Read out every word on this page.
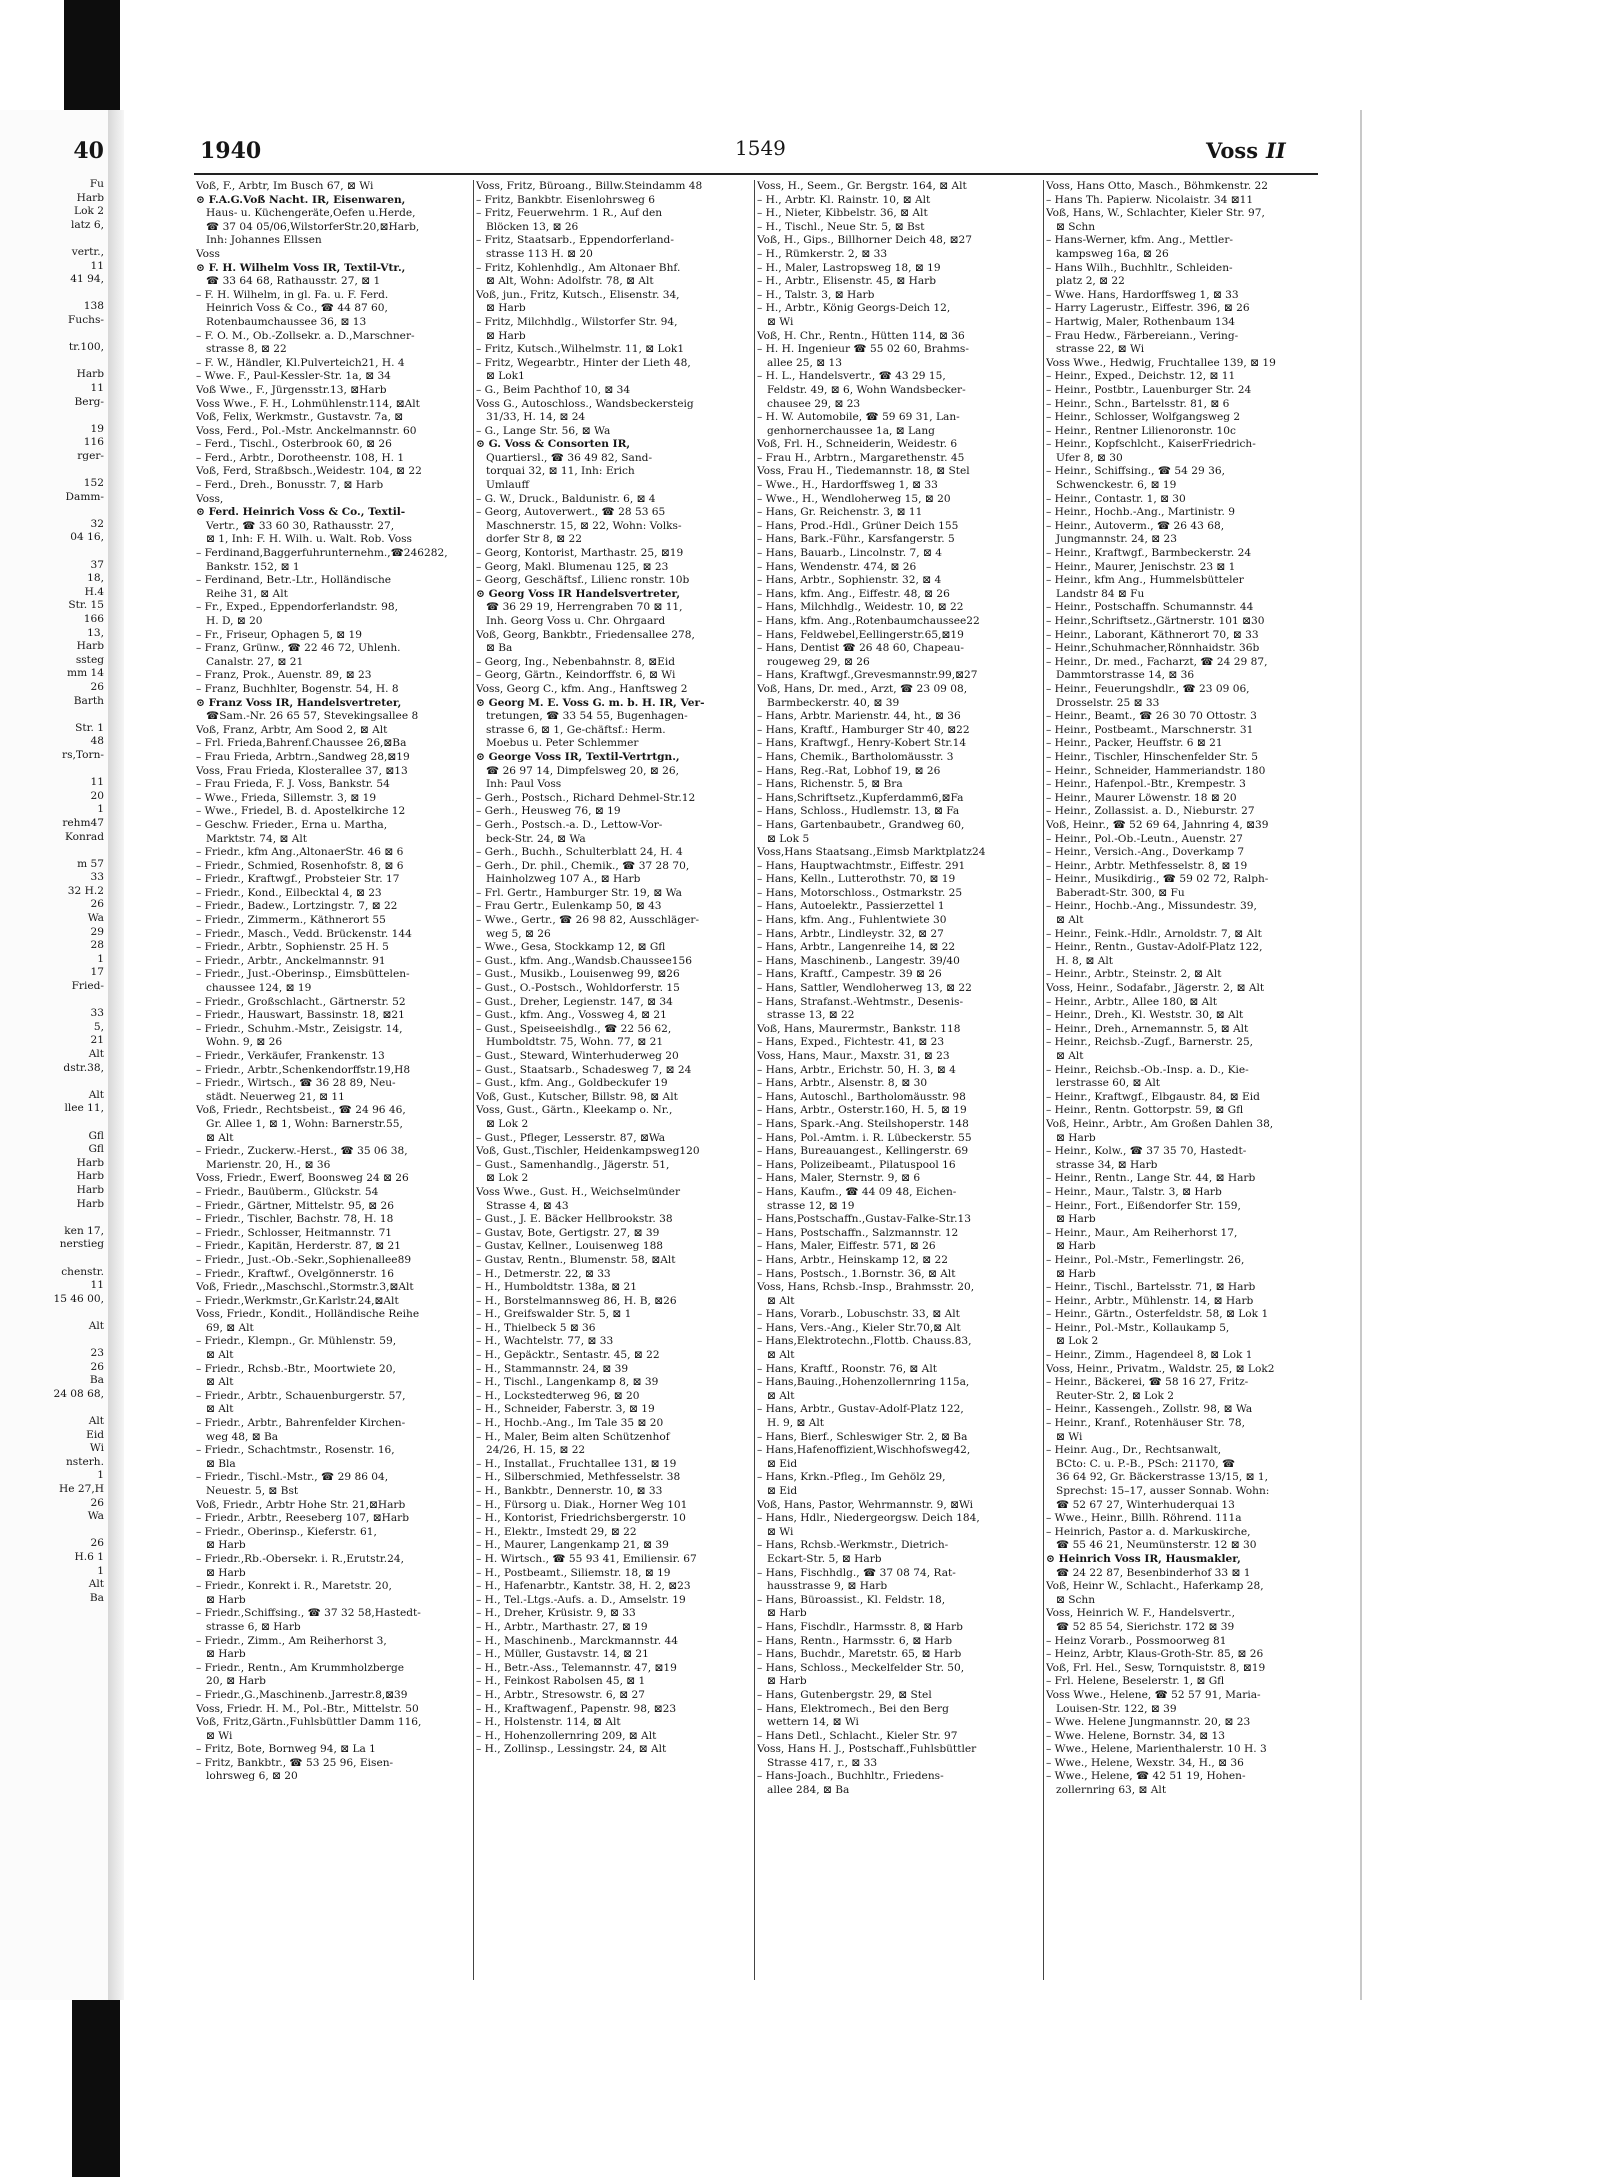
40
Fu
Harb
Lok 2
latz 6,

vertr.,
11
41 94,

138
Fuchs-

tr.100,

Harb
11
Berg-

19
116
rger-

152
Damm-

32
04 16,

37
18,
H.4
Str. 15
166
13,
Harb
ssteg
mm 14
26
Barth

Str. 1
48
rs,Torn-

11
20
1
rehm47
Konrad

m 57
33
32 H.2
26
Wa
29
28
1
17
Fried-

33
5,
21
Alt
dstr.38,

Alt
llee 11,

Gfl
Gfl
Harb
Harb
Harb
Harb

ken 17,
nerstieg

chenstr.
11
15 46 00,

Alt

23
26
Ba
24 08 68,

Alt
Eid
Wi
nsterh.
1
He 27,H
26
Wa

26
H.6 1
1
Alt
Ba
1940	1549	Voss II
Voß, F., Arbtr, Im Busch 67, ⊠ Wi
⊙ F.A.G.Voß Nacht. IR, Eisenwaren,
Haus- u. Küchengeräte,Oefen u.Herde,
☎ 37 04 05/06,WilstorferStr.20,⊠Harb,
Inh: Johannes Ellssen
Voss
⊙ F. H. Wilhelm Voss IR, Textil-Vtr.,
☎ 33 64 68, Rathausstr. 27, ⊠ 1
– F. H. Wilhelm, in gl. Fa. u. F. Ferd.
Heinrich Voss & Co., ☎ 44 87 60,
Rotenbaumchaussee 36, ⊠ 13
– F. O. M., Ob.-Zollsekr. a. D.,Marschner-
strasse 8, ⊠ 22
– F. W., Händler, Kl.Pulverteich21, H. 4
– Wwe. F., Paul-Kessler-Str. 1a, ⊠ 34
Voß Wwe., F., Jürgensstr.13, ⊠Harb
Voss Wwe., F. H., Lohmühlenstr.114, ⊠Alt
Voß, Felix, Werkmstr., Gustavstr. 7a, ⊠
Voss, Ferd., Pol.-Mstr. Anckelmannstr. 60
– Ferd., Tischl., Osterbrook 60, ⊠ 26
– Ferd., Arbtr., Dorotheenstr. 108, H. 1
Voß, Ferd, Straßbsch.,Weidestr. 104, ⊠ 22
– Ferd., Dreh., Bonusstr. 7, ⊠ Harb
Voss,
⊙ Ferd. Heinrich Voss & Co., Textil-
Vertr., ☎ 33 60 30, Rathausstr. 27,
⊠ 1, Inh: F. H. Wilh. u. Walt. Rob. Voss
– Ferdinand,Baggerfuhrunternehm.,☎246282,
Bankstr. 152, ⊠ 1
– Ferdinand, Betr.-Ltr., Holländische
Reihe 31, ⊠ Alt
– Fr., Exped., Eppendorferlandstr. 98,
H. D, ⊠ 20
– Fr., Friseur, Ophagen 5, ⊠ 19
– Franz, Grünw., ☎ 22 46 72, Uhlenh.
Canalstr. 27, ⊠ 21
– Franz, Prok., Auenstr. 89, ⊠ 23
– Franz, Buchhlter, Bogenstr. 54, H. 8
⊙ Franz Voss IR, Handelsvertreter,
☎Sam.-Nr. 26 65 57, Stevekingsallee 8
Voß, Franz, Arbtr, Am Sood 2, ⊠ Alt
– Frl. Frieda,Bahrenf.Chaussee 26,⊠Ba
– Frau Frieda, Arbtrn.,Sandweg 28,⊠19
Voss, Frau Frieda, Klosterallee 37, ⊠13
– Frau Frieda, F. J. Voss, Bankstr. 54
– Wwe., Frieda, Sillemstr. 3, ⊠ 19
– Wwe., Friedel, B. d. Apostelkirche 12
– Geschw. Frieder., Erna u. Martha,
Marktstr. 74, ⊠ Alt
– Friedr., kfm Ang.,AltonaerStr. 46 ⊠ 6
– Friedr., Schmied, Rosenhofstr. 8, ⊠ 6
– Friedr., Kraftwgf., Probsteier Str. 17
– Friedr., Kond., Eilbecktal 4, ⊠ 23
– Friedr., Badew., Lortzingstr. 7, ⊠ 22
– Friedr., Zimmerm., Käthnerort 55
– Friedr., Masch., Vedd. Brückenstr. 144
– Friedr., Arbtr., Sophienstr. 25 H. 5
– Friedr., Arbtr., Anckelmannstr. 91
– Friedr., Just.-Oberinsp., Eimsbüttelen-
chaussee 124, ⊠ 19
– Friedr., Großschlacht., Gärtnerstr. 52
– Friedr., Hauswart, Bassinstr. 18, ⊠21
– Friedr., Schuhm.-Mstr., Zeisigstr. 14,
Wohn. 9, ⊠ 26
– Friedr., Verkäufer, Frankenstr. 13
– Friedr., Arbtr.,Schenkendorffstr.19,H8
– Friedr., Wirtsch., ☎ 36 28 89, Neu-
städt. Neuerweg 21, ⊠ 11
Voß, Friedr., Rechtsbeist., ☎ 24 96 46,
Gr. Allee 1, ⊠ 1, Wohn: Barnerstr.55,
⊠ Alt
– Friedr., Zuckerw.-Herst., ☎ 35 06 38,
Marienstr. 20, H., ⊠ 36
Voss, Friedr., Ewerf, Boonsweg 24 ⊠ 26
– Friedr., Bauüberm., Glückstr. 54
– Friedr., Gärtner, Mittelstr. 95, ⊠ 26
– Friedr., Tischler, Bachstr. 78, H. 18
– Friedr., Schlosser, Heitmannstr. 71
– Friedr., Kapitän, Herderstr. 87, ⊠ 21
– Friedr., Just.-Ob.-Sekr.,Sophienallee89
– Friedr., Kraftwf., Ovelgönnerstr. 16
Voß, Friedr.,,Maschschl.,Stormstr.3,⊠Alt
– Friedr.,Werkmstr.,Gr.Karlstr.24,⊠Alt
Voss, Friedr., Kondit., Holländische Reihe
69, ⊠ Alt
– Friedr., Klempn., Gr. Mühlenstr. 59,
⊠ Alt
– Friedr., Rchsb.-Btr., Moortwiete 20,
⊠ Alt
– Friedr., Arbtr., Schauenburgerstr. 57,
⊠ Alt
– Friedr., Arbtr., Bahrenfelder Kirchen-
weg 48, ⊠ Ba
– Friedr., Schachtmstr., Rosenstr. 16,
⊠ Bla
– Friedr., Tischl.-Mstr., ☎ 29 86 04,
Neuestr. 5, ⊠ Bst
Voß, Friedr., Arbtr Hohe Str. 21,⊠Harb
– Friedr., Arbtr., Reeseberg 107, ⊠Harb
– Friedr., Oberinsp., Kieferstr. 61,
⊠ Harb
– Friedr.,Rb.-Obersekr. i. R.,Erutstr.24,
⊠ Harb
– Friedr., Konrekt i. R., Maretstr. 20,
⊠ Harb
– Friedr.,Schiffsing., ☎ 37 32 58,Hastedt-
strasse 6, ⊠ Harb
– Friedr., Zimm., Am Reiherhorst 3,
⊠ Harb
– Friedr., Rentn., Am Krummholzberge
20, ⊠ Harb
– Friedr.,G.,Maschinenb.,Jarrestr.8,⊠39
Voss, Friedr. H. M., Pol.-Btr., Mittelstr. 50
Voß, Fritz,Gärtn.,Fuhlsbüttler Damm 116,
⊠ Wi
– Fritz, Bote, Bornweg 94, ⊠ La 1
– Fritz, Bankbtr., ☎ 53 25 96, Eisen-
lohrsweg 6, ⊠ 20
Voss, Fritz, Büroang., Billw.Steindamm 48
– Fritz, Bankbtr. Eisenlohrsweg 6
– Fritz, Feuerwehrm. 1 R., Auf den
Blöcken 13, ⊠ 26
– Fritz, Staatsarb., Eppendorferland-
strasse 113 H. ⊠ 20
– Fritz, Kohlenhdlg., Am Altonaer Bhf.
⊠ Alt, Wohn: Adolfstr. 78, ⊠ Alt
Voß, jun., Fritz, Kutsch., Elisenstr. 34,
⊠ Harb
– Fritz, Milchhdlg., Wilstorfer Str. 94,
⊠ Harb
– Fritz, Kutsch.,Wilhelmstr. 11, ⊠ Lok1
– Fritz, Wegearbtr., Hinter der Lieth 48,
⊠ Lok1
– G., Beim Pachthof 10, ⊠ 34
Voss G., Autoschloss., Wandsbeckersteig
31/33, H. 14, ⊠ 24
– G., Lange Str. 56, ⊠ Wa
⊙ G. Voss & Consorten IR,
Quartiersl., ☎ 36 49 82, Sand-
torquai 32, ⊠ 11, Inh: Erich
Umlauff
– G. W., Druck., Baldunistr. 6, ⊠ 4
– Georg, Autoverwert., ☎ 28 53 65
Maschnerstr. 15, ⊠ 22, Wohn: Volks-
dorfer Str 8, ⊠ 22
– Georg, Kontorist, Marthastr. 25, ⊠19
– Georg, Makl. Blumenau 125, ⊠ 23
– Georg, Geschäftsf., Lilienc ronstr. 10b
⊙ Georg Voss IR Handelsvertreter,
☎ 36 29 19, Herrengraben 70 ⊠ 11,
Inh. Georg Voss u. Chr. Ohrgaard
Voß, Georg, Bankbtr., Friedensallee 278,
⊠ Ba
– Georg, Ing., Nebenbahnstr. 8, ⊠Eid
– Georg, Gärtn., Keindorffstr. 6, ⊠ Wi
Voss, Georg C., kfm. Ang., Hanftsweg 2
⊙ Georg M. E. Voss G. m. b. H. IR, Ver-
tretungen, ☎ 33 54 55, Bugenhagen-
strasse 6, ⊠ 1, Ge-chäftsf.: Herm.
Moebus u. Peter Schlemmer
⊙ George Voss IR, Textil-Vertrtgn.,
☎ 26 97 14, Dimpfelsweg 20, ⊠ 26,
Inh: Paul Voss
– Gerh., Postsch., Richard Dehmel-Str.12
– Gerh., Heusweg 76, ⊠ 19
– Gerh., Postsch.-a. D., Lettow-Vor-
beck-Str. 24, ⊠ Wa
– Gerh., Buchh., Schulterblatt 24, H. 4
– Gerh., Dr. phil., Chemik., ☎ 37 28 70,
Hainholzweg 107 A., ⊠ Harb
– Frl. Gertr., Hamburger Str. 19, ⊠ Wa
– Frau Gertr., Eulenkamp 50, ⊠ 43
– Wwe., Gertr., ☎ 26 98 82, Ausschläger-
weg 5, ⊠ 26
– Wwe., Gesa, Stockkamp 12, ⊠ Gfl
– Gust., kfm. Ang.,Wandsb.Chaussee156
– Gust., Musikb., Louisenweg 99, ⊠26
– Gust., O.-Postsch., Wohldorferstr. 15
– Gust., Dreher, Legienstr. 147, ⊠ 34
– Gust., kfm. Ang., Vossweg 4, ⊠ 21
– Gust., Speiseeishdlg., ☎ 22 56 62,
Humboldtstr. 75, Wohn. 77, ⊠ 21
– Gust., Steward, Winterhuderweg 20
– Gust., Staatsarb., Schadesweg 7, ⊠ 24
– Gust., kfm. Ang., Goldbeckufer 19
Voß, Gust., Kutscher, Billstr. 98, ⊠ Alt
Voss, Gust., Gärtn., Kleekamp o. Nr.,
⊠ Lok 2
– Gust., Pfleger, Lesserstr. 87, ⊠Wa
Voß, Gust.,Tischler, Heidenkampsweg120
– Gust., Samenhandlg., Jägerstr. 51,
⊠ Lok 2
Voss Wwe., Gust. H., Weichselmünder
Strasse 4, ⊠ 43
– Gust., J. E. Bäcker Hellbrookstr. 38
– Gustav, Bote, Gertigstr. 27, ⊠ 39
– Gustav, Kellner., Louisenweg 188
– Gustav, Rentn., Blumenstr. 58, ⊠Alt
– H., Detmerstr. 22, ⊠ 33
– H., Humboldtstr. 138a, ⊠ 21
– H., Borstelmannsweg 86, H. B, ⊠26
– H., Greifswalder Str. 5, ⊠ 1
– H., Thielbeck 5 ⊠ 36
– H., Wachtelstr. 77, ⊠ 33
– H., Gepäcktr., Sentastr. 45, ⊠ 22
– H., Stammannstr. 24, ⊠ 39
– H., Tischl., Langenkamp 8, ⊠ 39
– H., Lockstedterweg 96, ⊠ 20
– H., Schneider, Faberstr. 3, ⊠ 19
– H., Hochb.-Ang., Im Tale 35 ⊠ 20
– H., Maler, Beim alten Schützenhof
24/26, H. 15, ⊠ 22
– H., Installat., Fruchtallee 131, ⊠ 19
– H., Silberschmied, Methfesselstr. 38
– H., Bankbtr., Dennerstr. 10, ⊠ 33
– H., Fürsorg u. Diak., Horner Weg 101
– H., Kontorist, Friedrichsbergerstr. 10
– H., Elektr., Imstedt 29, ⊠ 22
– H., Maurer, Langenkamp 21, ⊠ 39
– H. Wirtsch., ☎ 55 93 41, Emiliensir. 67
– H., Postbeamt., Siliemstr. 18, ⊠ 19
– H., Hafenarbtr., Kantstr. 38, H. 2, ⊠23
– H., Tel.-Ltgs.-Aufs. a. D., Amselstr. 19
– H., Dreher, Krüsistr. 9, ⊠ 33
– H., Arbtr., Marthastr. 27, ⊠ 19
– H., Maschinenb., Marckmannstr. 44
– H., Müller, Gustavstr. 14, ⊠ 21
– H., Betr.-Ass., Telemannstr. 47, ⊠19
– H., Feinkost Rabolsen 45, ⊠ 1
– H., Arbtr., Stresowstr. 6, ⊠ 27
– H., Kraftwagenf., Papenstr. 98, ⊠23
– H., Holstenstr. 114, ⊠ Alt
– H., Hohenzollernring 209, ⊠ Alt
– H., Zollinsp., Lessingstr. 24, ⊠ Alt
Voss, H., Seem., Gr. Bergstr. 164, ⊠ Alt
– H., Arbtr. Kl. Rainstr. 10, ⊠ Alt
– H., Nieter, Kibbelstr. 36, ⊠ Alt
– H., Tischl., Neue Str. 5, ⊠ Bst
Voß, H., Gips., Billhorner Deich 48, ⊠27
– H., Rümkerstr. 2, ⊠ 33
– H., Maler, Lastropsweg 18, ⊠ 19
– H., Arbtr., Elisenstr. 45, ⊠ Harb
– H., Talstr. 3, ⊠ Harb
– H., Arbtr., König Georgs-Deich 12,
⊠ Wi
Voß, H. Chr., Rentn., Hütten 114, ⊠ 36
– H. H. Ingenieur ☎ 55 02 60, Brahms-
allee 25, ⊠ 13
– H. L., Handelsvertr., ☎ 43 29 15,
Feldstr. 49, ⊠ 6, Wohn Wandsbecker-
chausee 29, ⊠ 23
– H. W. Automobile, ☎ 59 69 31, Lan-
genhornerchaussee 1a, ⊠ Lang
Voß, Frl. H., Schneiderin, Weidestr. 6
– Frau H., Arbtrn., Margarethenstr. 45
Voss, Frau H., Tiedemannstr. 18, ⊠ Stel
– Wwe., H., Hardorffsweg 1, ⊠ 33
– Wwe., H., Wendloherweg 15, ⊠ 20
– Hans, Gr. Reichenstr. 3, ⊠ 11
– Hans, Prod.-Hdl., Grüner Deich 155
– Hans, Bark.-Führ., Karsfangerstr. 5
– Hans, Bauarb., Lincolnstr. 7, ⊠ 4
– Hans, Wendenstr. 474, ⊠ 26
– Hans, Arbtr., Sophienstr. 32, ⊠ 4
– Hans, kfm. Ang., Eiffestr. 48, ⊠ 26
– Hans, Milchhdlg., Weidestr. 10, ⊠ 22
– Hans, kfm. Ang.,Rotenbaumchaussee22
– Hans, Feldwebel,Eellingerstr.65,⊠19
– Hans, Dentist ☎ 26 48 60, Chapeau-
rougeweg 29, ⊠ 26
– Hans, Kraftwgf.,Grevesmannstr.99,⊠27
Voß, Hans, Dr. med., Arzt, ☎ 23 09 08,
Barmbeckerstr. 40, ⊠ 39
– Hans, Arbtr. Marienstr. 44, ht., ⊠ 36
– Hans, Kraftf., Hamburger Str 40, ⊠22
– Hans, Kraftwgf., Henry-Kobert Str.14
– Hans, Chemik., Bartholomäusstr. 3
– Hans, Reg.-Rat, Lobhof 19, ⊠ 26
– Hans, Richenstr. 5, ⊠ Bra
– Hans,Schriftsetz.,Kupferdamm6,⊠Fa
– Hans, Schloss., Hudlemstr. 13, ⊠ Fa
– Hans, Gartenbaubetr., Grandweg 60,
⊠ Lok 5
Voss,Hans Staatsang.,Eimsb Marktplatz24
– Hans, Hauptwachtmstr., Eiffestr. 291
– Hans, Kelln., Lutterothstr. 70, ⊠ 19
– Hans, Motorschloss., Ostmarkstr. 25
– Hans, Autoelektr., Passierzettel 1
– Hans, kfm. Ang., Fuhlentwiete 30
– Hans, Arbtr., Lindleystr. 32, ⊠ 27
– Hans, Arbtr., Langenreihe 14, ⊠ 22
– Hans, Maschinenb., Langestr. 39/40
– Hans, Kraftf., Campestr. 39 ⊠ 26
– Hans, Sattler, Wendloherweg 13, ⊠ 22
– Hans, Strafanst.-Wehtmstr., Desenis-
strasse 13, ⊠ 22
Voß, Hans, Maurermstr., Bankstr. 118
– Hans, Exped., Fichtestr. 41, ⊠ 23
Voss, Hans, Maur., Maxstr. 31, ⊠ 23
– Hans, Arbtr., Erichstr. 50, H. 3, ⊠ 4
– Hans, Arbtr., Alsenstr. 8, ⊠ 30
– Hans, Autoschl., Bartholomäusstr. 98
– Hans, Arbtr., Osterstr.160, H. 5, ⊠ 19
– Hans, Spark.-Ang. Steilshoperstr. 148
– Hans, Pol.-Amtm. i. R. Lübeckerstr. 55
– Hans, Bureauangest., Kellingerstr. 69
– Hans, Polizeibeamt., Pilatuspool 16
– Hans, Maler, Sternstr. 9, ⊠ 6
– Hans, Kaufm., ☎ 44 09 48, Eichen-
strasse 12, ⊠ 19
– Hans,Postschaffn.,Gustav-Falke-Str.13
– Hans, Postschaffn., Salzmannstr. 12
– Hans, Maler, Eiffestr. 571, ⊠ 26
– Hans, Arbtr., Heinskamp 12, ⊠ 22
– Hans, Postsch., 1.Bornstr. 36, ⊠ Alt
Voss, Hans, Rchsb.-Insp., Brahmsstr. 20,
⊠ Alt
– Hans, Vorarb., Lobuschstr. 33, ⊠ Alt
– Hans, Vers.-Ang., Kieler Str.70,⊠ Alt
– Hans,Elektrotechn.,Flottb. Chauss.83,
⊠ Alt
– Hans, Kraftf., Roonstr. 76, ⊠ Alt
– Hans,Bauing.,Hohenzollernring 115a,
⊠ Alt
– Hans, Arbtr., Gustav-Adolf-Platz 122,
H. 9, ⊠ Alt
– Hans, Bierf., Schleswiger Str. 2, ⊠ Ba
– Hans,Hafenoffizient,Wischhofsweg42,
⊠ Eid
– Hans, Krkn.-Pfleg., Im Gehölz 29,
⊠ Eid
Voß, Hans, Pastor, Wehrmannstr. 9, ⊠Wi
– Hans, Hdlr., Niedergeorgsw. Deich 184,
⊠ Wi
– Hans, Rchsb.-Werkmstr., Dietrich-
Eckart-Str. 5, ⊠ Harb
– Hans, Fischhdlg., ☎ 37 08 74, Rat-
hausstrasse 9, ⊠ Harb
– Hans, Büroassist., Kl. Feldstr. 18,
⊠ Harb
– Hans, Fischdlr., Harmsstr. 8, ⊠ Harb
– Hans, Rentn., Harmsstr. 6, ⊠ Harb
– Hans, Buchdr., Maretstr. 65, ⊠ Harb
– Hans, Schloss., Meckelfelder Str. 50,
⊠ Harb
– Hans, Gutenbergstr. 29, ⊠ Stel
– Hans, Elektromech., Bei den Berg
wettern 14, ⊠ Wi
– Hans Detl., Schlacht., Kieler Str. 97
Voss, Hans H. J., Postschaff.,Fuhlsbüttler
Strasse 417, r., ⊠ 33
– Hans-Joach., Buchhltr., Friedens-
allee 284, ⊠ Ba
Voss, Hans Otto, Masch., Böhmkenstr. 22
– Hans Th. Papierw. Nicolaistr. 34 ⊠11
Voß, Hans, W., Schlachter, Kieler Str. 97,
⊠ Schn
– Hans-Werner, kfm. Ang., Mettler-
kampsweg 16a, ⊠ 26
– Hans Wilh., Buchhltr., Schleiden-
platz 2, ⊠ 22
– Wwe. Hans, Hardorffsweg 1, ⊠ 33
– Harry Lagerustr., Eiffestr. 396, ⊠ 26
– Hartwig, Maler, Rothenbaum 134
– Frau Hedw., Färbereiann., Vering-
strasse 22, ⊠ Wi
Voss Wwe., Hedwig, Fruchtallee 139, ⊠ 19
– Heinr., Exped., Deichstr. 12, ⊠ 11
– Heinr., Postbtr., Lauenburger Str. 24
– Heinr., Schn., Bartelsstr. 81, ⊠ 6
– Heinr., Schlosser, Wolfgangsweg 2
– Heinr., Rentner Lilienoronstr. 10c
– Heinr., Kopfschlcht., KaiserFriedrich-
Ufer 8, ⊠ 30
– Heinr., Schiffsing., ☎ 54 29 36,
Schwenckestr. 6, ⊠ 19
– Heinr., Contastr. 1, ⊠ 30
– Heinr., Hochb.-Ang., Martinistr. 9
– Heinr., Autoverm., ☎ 26 43 68,
Jungmannstr. 24, ⊠ 23
– Heinr., Kraftwgf., Barmbeckerstr. 24
– Heinr., Maurer, Jenischstr. 23 ⊠ 1
– Heinr., kfm Ang., Hummelsbütteler
Landstr 84 ⊠ Fu
– Heinr., Postschaffn. Schumannstr. 44
– Heinr.,Schriftsetz.,Gärtnerstr. 101 ⊠30
– Heinr., Laborant, Käthnerort 70, ⊠ 33
– Heinr.,Schuhmacher,Rönnhaidstr. 36b
– Heinr., Dr. med., Facharzt, ☎ 24 29 87,
Dammtorstrasse 14, ⊠ 36
– Heinr., Feuerungshdlr., ☎ 23 09 06,
Drosselstr. 25 ⊠ 33
– Heinr., Beamt., ☎ 26 30 70 Ottostr. 3
– Heinr., Postbeamt., Marschnerstr. 31
– Heinr., Packer, Heuffstr. 6 ⊠ 21
– Heinr., Tischler, Hinschenfelder Str. 5
– Heinr., Schneider, Hammeriandstr. 180
– Heinr., Hafenpol.-Btr., Krempestr. 3
– Heinr., Maurer Löwenstr. 18 ⊠ 20
– Heinr., Zollassist. a. D., Nieburstr. 27
Voß, Heinr., ☎ 52 69 64, Jahnring 4, ⊠39
– Heinr., Pol.-Ob.-Leutn., Auenstr. 27
– Heinr., Versich.-Ang., Doverkamp 7
– Heinr., Arbtr. Methfesselstr. 8, ⊠ 19
– Heinr., Musikdirig., ☎ 59 02 72, Ralph-
Baberadt-Str. 300, ⊠ Fu
– Heinr., Hochb.-Ang., Missundestr. 39,
⊠ Alt
– Heinr., Feink.-Hdlr., Arnoldstr. 7, ⊠ Alt
– Heinr., Rentn., Gustav-Adolf-Platz 122,
H. 8, ⊠ Alt
– Heinr., Arbtr., Steinstr. 2, ⊠ Alt
Voss, Heinr., Sodafabr., Jägerstr. 2, ⊠ Alt
– Heinr., Arbtr., Allee 180, ⊠ Alt
– Heinr., Dreh., Kl. Weststr. 30, ⊠ Alt
– Heinr., Dreh., Arnemannstr. 5, ⊠ Alt
– Heinr., Reichsb.-Zugf., Barnerstr. 25,
⊠ Alt
– Heinr., Reichsb.-Ob.-Insp. a. D., Kie-
lerstrasse 60, ⊠ Alt
– Heinr., Kraftwgf., Elbgaustr. 84, ⊠ Eid
– Heinr., Rentn. Gottorpstr. 59, ⊠ Gfl
Voß, Heinr., Arbtr., Am Großen Dahlen 38,
⊠ Harb
– Heinr., Kolw., ☎ 37 35 70, Hastedt-
strasse 34, ⊠ Harb
– Heinr., Rentn., Lange Str. 44, ⊠ Harb
– Heinr., Maur., Talstr. 3, ⊠ Harb
– Heinr., Fort., Eißendorfer Str. 159,
⊠ Harb
– Heinr., Maur., Am Reiherhorst 17,
⊠ Harb
– Heinr., Pol.-Mstr., Femerlingstr. 26,
⊠ Harb
– Heinr., Tischl., Bartelsstr. 71, ⊠ Harb
– Heinr., Arbtr., Mühlenstr. 14, ⊠ Harb
– Heinr., Gärtn., Osterfeldstr. 58, ⊠ Lok 1
– Heinr., Pol.-Mstr., Kollaukamp 5,
⊠ Lok 2
– Heinr., Zimm., Hagendeel 8, ⊠ Lok 1
Voss, Heinr., Privatm., Waldstr. 25, ⊠ Lok2
– Heinr., Bäckerei, ☎ 58 16 27, Fritz-
Reuter-Str. 2, ⊠ Lok 2
– Heinr., Kassengeh., Zollstr. 98, ⊠ Wa
– Heinr., Kranf., Rotenhäuser Str. 78,
⊠ Wi
– Heinr. Aug., Dr., Rechtsanwalt,
BCto: C. u. P.-B., PSch: 21170, ☎
36 64 92, Gr. Bäckerstrasse 13/15, ⊠ 1,
Sprechst: 15–17, ausser Sonnab. Wohn:
☎ 52 67 27, Winterhuderquai 13
– Wwe., Heinr., Billh. Röhrend. 111a
– Heinrich, Pastor a. d. Markuskirche,
☎ 55 46 21, Neumünsterstr. 12 ⊠ 30
⊙ Heinrich Voss IR, Hausmakler,
☎ 24 22 87, Besenbinderhof 33 ⊠ 1
Voß, Heinr W., Schlacht., Haferkamp 28,
⊠ Schn
Voss, Heinrich W. F., Handelsvertr.,
☎ 52 85 54, Sierichstr. 172 ⊠ 39
– Heinz Vorarb., Possmoorweg 81
– Heinz, Arbtr, Klaus-Groth-Str. 85, ⊠ 26
Voß, Frl. Hel., Sesw, Tornquiststr. 8, ⊠19
– Frl. Helene, Beselerstr. 1, ⊠ Gfl
Voss Wwe., Helene, ☎ 52 57 91, Maria-
Louisen-Str. 122, ⊠ 39
– Wwe. Helene Jungmannstr. 20, ⊠ 23
– Wwe. Helene, Bornstr. 34, ⊠ 13
– Wwe., Helene, Marienthalerstr. 10 H. 3
– Wwe., Helene, Wexstr. 34, H., ⊠ 36
– Wwe., Helene, ☎ 42 51 19, Hohen-
zollernring 63, ⊠ Alt
